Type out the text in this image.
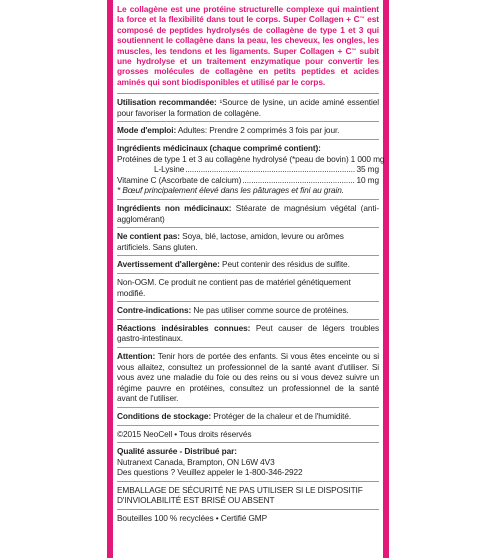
Le collagène est une protéine structurelle complexe qui maintient la force et la flexibilité dans tout le corps. Super Collagen + C™ est composé de peptides hydrolysés de collagène de type 1 et 3 qui soutiennent le collagène dans la peau, les cheveux, les ongles, les muscles, les tendons et les ligaments. Super Collagen + C™ subit une hydrolyse et un traitement enzymatique pour convertir les grosses molécules de collagène en petits peptides et acides aminés qui sont biodisponibles et utilisé par le corps.

Utilisation recommandée: ¹Source de lysine, un acide aminé essentiel pour favoriser la formation de collagène.

Mode d'emploi: Adultes: Prendre 2 comprimés 3 fois par jour.

Ingrédients médicinaux (chaque comprimé contient):

Protéines de type 1 et 3 au collagène hydrolysé (*peau de bovin) 1 000 mg
L-Lysine .....	35 mg
Vitamine C (Ascorbate de calcium) .....	10 mg

* Bœuf principalement élevé dans les pâturages et fini au grain.

Ingrédients non médicinaux: Stéarate de magnésium végétal (anti-agglomérant)

Ne contient pas: Soya, blé, lactose, amidon, levure ou arômes artificiels. Sans gluten.

Avertissement d'allergène: Peut contenir des résidus de sulfite.

Non-OGM. Ce produit ne contient pas de matériel génétiquement modifié.

Contre-indications: Ne pas utiliser comme source de protéines.

Réactions indésirables connues: Peut causer de légers troubles gastro-intestinaux.

Attention: Tenir hors de portée des enfants. Si vous êtes enceinte ou si vous allaitez, consultez un professionnel de la santé avant d'utiliser. Si vous avez une maladie du foie ou des reins ou si vous devez suivre un régime pauvre en protéines, consultez un professionnel de la santé avant de l'utiliser.

Conditions de stockage: Protéger de la chaleur et de l'humidité.

©2015 NeoCell • Tous droits réservés

Qualité assurée - Distribué par:

Nutranext Canada, Brampton, ON L6W 4V3

Des questions ? Veuillez appeler le 1-800-346-2922

EMBALLAGE DE SÉCURITÉ NE PAS UTILISER SI LE DISPOSITIF D'INVIOLABILITÉ EST BRISÉ OU ABSENT

Bouteilles 100 % recyclées • Certifié GMP
